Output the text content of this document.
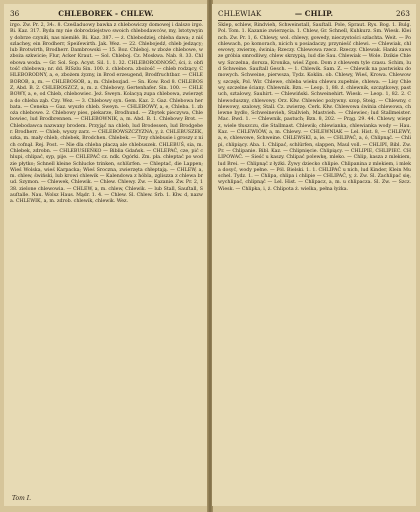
36	CHLEBOREK - CHLEW.

irgo. Zw. Pr. 2, 34:. 8. Cześladuowy bawka z chlebowiczy domowej i dalszo irgo. Bi. Kaz. 317. Byda my nie dobrodziejstwo swoich chlebodawców, my, lstotywyiny dobrze czyniłi, nas niemiłé. Bi. Kaz. 387. — ż. Chlebodziej, chleba dawa; z niś szlachey, ein Brodherr, Speiſewirth. Jak. Wez. — 22. Chlebojedź, chleb jedzący; lub Brotwirth, Brodherr. Dambrowski — 15. Boz. Chleboj. w zboże chlebowe, w zboża szkwicie; Flur, Acker Kraut. — Sol. Chleboj. Cz. Moskwa. Nab. 8. 33. Chlebowa woda. — Gr. Sol. Sop. Acyst. Sil. 1. 1. 32. CHLEBORODNOŚĆ, ści, ż. obfitość chlebowa; nr. dd. RISzlu Sin. 100. ż. chlebora. zbożość — chleb rodzący, CHLEBORODNY, a, e, zbożem żyzny, in Brod erzeugend, Brodfruchtbar. — CHLEBOROB, a, m. — CHLEBOSOB, a, m. Chlebozjad. — Sn. Kow. Rod 8. CHLEBOSZ, Abd. B. 2. CHLEBOSZCZ, a, m. z. Chlebowy, Gertenhafer. Sin. 100. — CHLEBOWY, a, e, od Chleb, chlebowiec. Jeż. Sweyn. Kolacyą zupa chlebowa, zwierzęta do chleba ząb. Czy. Wez. — 3. Chlebowy syn. Gem. Kaz. 2. Gaz. Chlebowa herbata. — Ceneka — Gaz. wyszło chleb. Sweyn. — CHLEBOWY, a, e, Chleba. 1. zboża chlebowe. 2. Chlebowy pies, piekarze, Brodhund. — Zbytek pieczywa, Chlebowiec, lud Brodbrennen. — CHLEBOWNIK, a, m. Abd. B. 1. Chlebowy Brot. — Chlebodawca nazwany brodem. Przyjąć na chleb, lud Brodessen, lud Brodgeber. Brodherr. — Chleb, wyszy zarz. — CHLEBOWSZCZYZNA, y, ż. CHLEBUSZEK, szka, m. mały chleb, chlebek, Brodchen. Chlebek. — Trzy chlebusie i groszy z nich cofnął. Rej. Post. — Nie dla chleba płaczą ale chlebuszek. CHLEBUŚ, sia, m. Chlebek, zdrobn. — CHLEBUSIEŃKO — Biblia Gdańsk. — CHLEPAĆ, cze, pić chlupi, chlipać, syp, pije. — CHLEPAĆ cz. ndk. Ogórki. Zm. pła. chłeptać po wodzie płytko; Schnell kleine Schlucke trinken, schlürfen. — Chleptać, die Lappen; Wieś Wolska, wieś Karpacka; Wieś Sroczna, zwierzęta chłeptają. — CHLEW, a, m. chlew, świński, lub krowi chlewik — Kalendowa z hóbla, zgliszza z chlewa brud. Szymon. — Chlewek, Chlewik. — Chlew. Chlewy. Zw. — Kazanie. Zw. Pr. 2, 138. zielone chlewowia. — CHLEW, a, m. chlew, Chlewik. — lub Stall, Sauſtall, Sauſtalle. Nau. Wolsz Haus. Mądr. 1. 4. — Chlew. Sl. Chlew. Srb. 1. Kłw. d, nazwa. CHLEWIK, a, m. zdrob. chlewik, chlewik. Wez.

Tom I.
CHLEWIAK	— CHLIP.	263

Sklep, schlew, Rindvieh, Schweinstall, Sauſtall. Pole, Spraut. Rys. Bog. 1. Bulg. Pol. Tom. 1. Kazanie zwierzęcia. 1. Chlew, Gr. Schnell, Kuhkurz. Sm. Wiesk. Kleinch. Zw. Pr. 1, 6. Chlewy, wol. chlewy, gowedy, nieczystości szlachta. Weit. — Po chlewach, po komorach, nicich u posiadaczy, przynieść chlewi. — Chlewiak, chlewowy, zwierzę, świnia; Rzeczy. Chlewowa rzecz. Rzeczy. Chlewak. Hanki zawsze gróbia smrodliwy, chlew skrzypią, lud die Sau. Chlewiak — Wole. Dzikie Chlewy. Szczelna, dorsza, Kronika, wieś Zgon. Dom z chlewem tyle czasu. Schim, lud Schweine. Sauſtall Gesch. — 1. Chlewik. Sam. Z. — Chlewik na pastwisku domowych. Schweine, pierwsza, Tydz. Koklin. ob. Chlewy, Wieś, Krowa. Chlewowy, szczęk, Pol. Wir. Chlewe, chleba wieku chlewu zupełnie, chlewa. — Lisy Chlewy, szczelne ściany. Chlewnik. Bzn. — Leop. 1, 88. ź. chlewnik, szczątkowy, pastuch, sztalowy, Sauhirt. — Chlewiński. Schweinehirt. Wiesk. — Leop. 1, 82. 2. Chlewoduszny, chlewowy. Orz. Kłw. Chlewiec pożywny. szop, Steig. — Chlewny, chlewowy, szalowy, Stall. Cz. zwierzę. Cerk. Kłw. Chlewowa świnia chlewowa, chlewne bydło, Schweinevieh, Stallvieh, Mastvieh. — Chlewiec; lud Stallmeister. Mac. Bwd. 1. — Chlewnik, pastuch; Bzn. 8, 202. — Prąg. 29. 44. Chlewy, wieprz, wiele tłuszczu, die Stallmast. Chlewik; chlewianka, chlewianka wody — Hau. Kaz. — CHLEWIÓW, a, m. Chlewy. — CHLEWNIAK — Lel. Hist. 8, — CHLEWY, a, e, chlewowe, Schweine. CHLEWSKI, a, ie. — CHLIPAĆ, a, ó, Chlipnąć. — Chlipi, chlipiący. Aba. 1. Chlipać, schlürfen, slappen, Maul voll. — CHLIPI, Bibl. Zw. Pr. — Chlipanie. Bibl. Kaz. — Chlipnięcie. Chlipiący. — CHLIPIE, CHLIPIEC. CHLIPOWAĆ. — Sieść u kaszy. Chlipać polewkę, mleko. — Chlip, kasza z mlekiem, lud Brei. — Chlipnąć z łyżki. Żywy dziecko chlipie. Chlipanina z mlekiem, i mleka dosyć, wody pełne. — Pól. Bielski. 1. 1. CHLIPAĆ u nich, lud Kinder, Klein Muschel. Tydz. 1. — Chlipa, chlipa i chlipie — CHLIPAĆ, y, ż. Zw. Sl. Zachlipać się, wychlipać, chlipnąć — Lel. Hist. — Chlipacz, a, m. u chlipacza. Sl. Zw. — Szcz. Wiesk. — Chlipka, i, ż. Chlipota ż. wielka, pełna łyżka.
